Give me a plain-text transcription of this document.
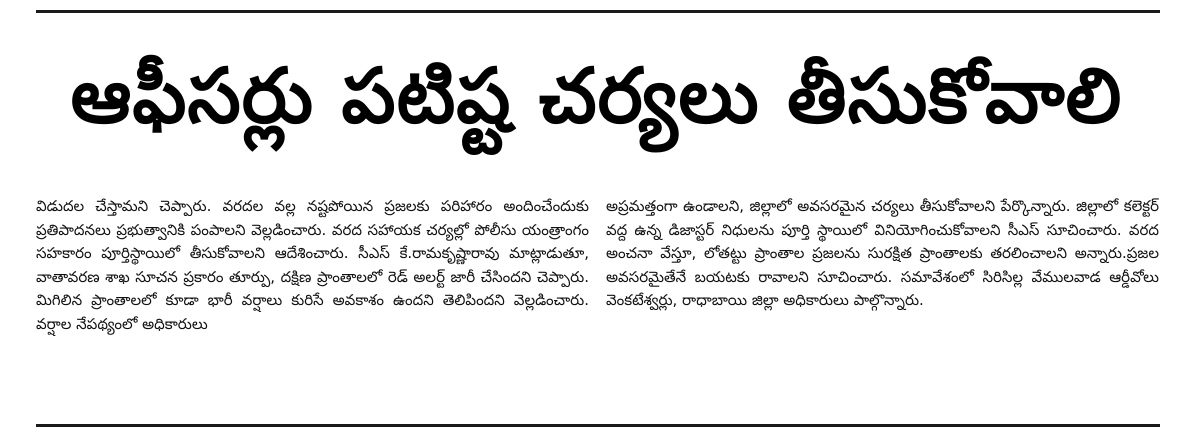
ఆఫీసర్లు పటిష్ట చర్యలు తీసుకోవాలి
విడుదల చేస్తామని చెప్పారు. వరదల వల్ల నష్టపోయిన ప్రజలకు పరిహారం అందించేందుకు ప్రతిపాదనలు ప్రభుత్వానికి పంపాలని వెల్లడించారు. వరద సహాయక చర్యల్లో పోలీసు యంత్రాంగం సహకారం పూర్తిస్థాయిలో తీసుకోవాలని ఆదేశించారు. సీఎస్ కే.రామకృష్ణారావు మాట్లాడుతూ, వాతావరణ శాఖ సూచన ప్రకారం తూర్పు, దక్షిణ ప్రాంతాలలో రెడ్ అలర్ట్ జారీ చేసిందని చెప్పారు. మిగిలిన ప్రాంతాలలో కూడా భారీ వర్షాలు కురిసే అవకాశం ఉందని తెలిపిందని వెల్లడించారు. వర్షాల నేపథ్యంలో అధికారులు
అప్రమత్తంగా ఉండాలని, జిల్లాలో అవసరమైన చర్యలు తీసుకోవాలని పేర్కొన్నారు. జిల్లాలో కలెక్టర్ వద్ద ఉన్న డిజాస్టర్ నిధులను పూర్తి స్థాయిలో వినియోగించుకోవాలని సీఎస్ సూచించారు. వరద అంచనా వేస్తూ, లోతట్టు ప్రాంతాల ప్రజలను సురక్షిత ప్రాంతాలకు తరలించాలని అన్నారు.ప్రజల అవసరమైతేనే బయటకు రావాలని సూచించారు. సమావేశంలో సిరిసిల్ల వేములవాడ ఆర్డీవోలు వెంకటేశ్వర్లు, రాధాబాయి జిల్లా అధికారులు పాల్గొన్నారు.
